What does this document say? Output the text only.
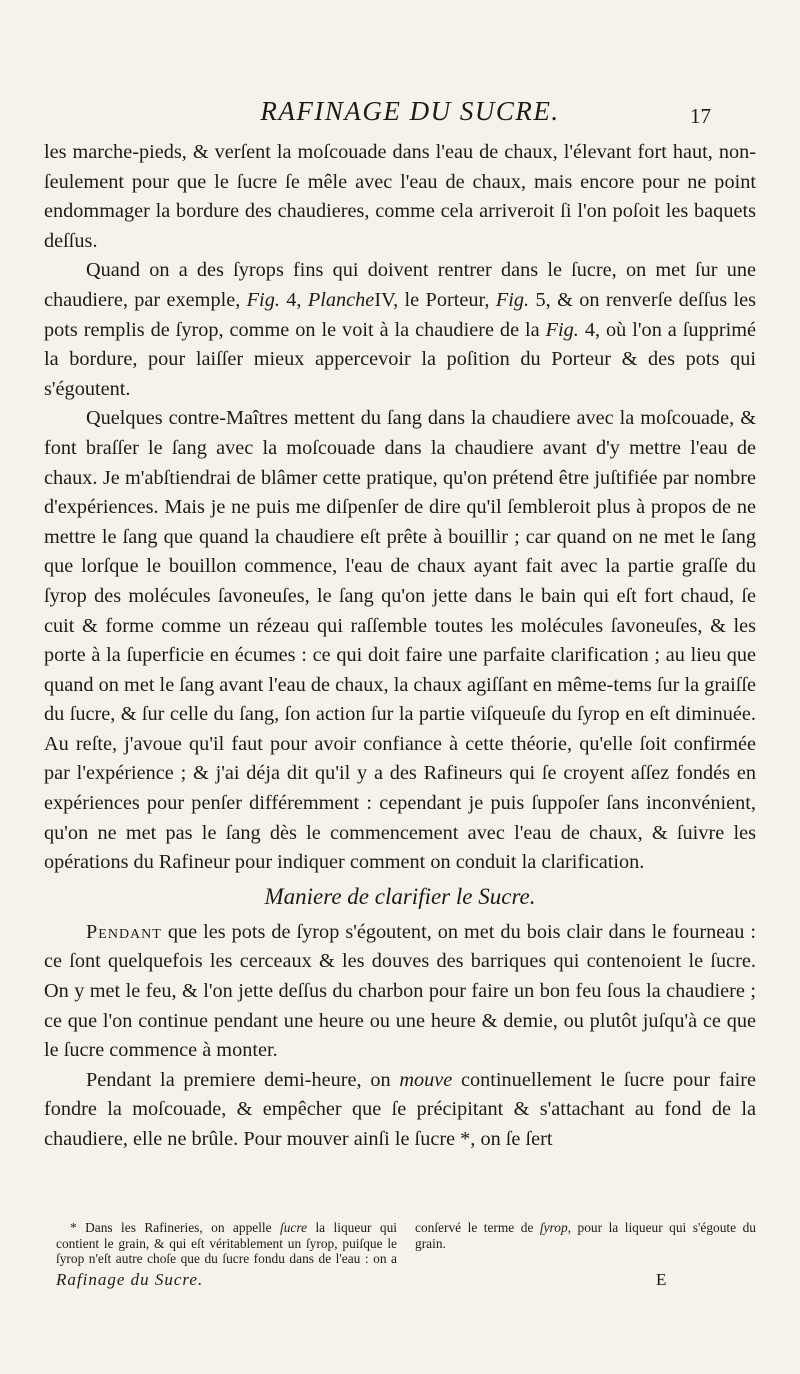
RAFINAGE DU SUCRE.	17

les marche-pieds, & verſent la moſcouade dans l'eau de chaux, l'élevant fort haut, non-ſeulement pour que le ſucre ſe mêle avec l'eau de chaux, mais encore pour ne point endommager la bordure des chaudieres, comme cela arriveroit ſi l'on poſoit les baquets deſſus.

Quand on a des ſyrops fins qui doivent rentrer dans le ſucre, on met ſur une chaudiere, par exemple, Fig. 4, PlancheIV, le Porteur, Fig. 5, & on renverſe deſſus les pots remplis de ſyrop, comme on le voit à la chaudiere de la Fig. 4, où l'on a ſupprimé la bordure, pour laiſſer mieux appercevoir la poſition du Porteur & des pots qui s'égoutent.

Quelques contre-Maîtres mettent du ſang dans la chaudiere avec la moſcouade, & font braſſer le ſang avec la moſcouade dans la chaudiere avant d'y mettre l'eau de chaux. Je m'abſtiendrai de blâmer cette pratique, qu'on prétend être juſtifiée par nombre d'expériences. Mais je ne puis me diſpenſer de dire qu'il ſembleroit plus à propos de ne mettre le ſang que quand la chaudiere eſt prête à bouillir ; car quand on ne met le ſang que lorſque le bouillon commence, l'eau de chaux ayant fait avec la partie graſſe du ſyrop des molécules ſavoneuſes, le ſang qu'on jette dans le bain qui eſt fort chaud, ſe cuit & forme comme un rézeau qui raſſemble toutes les molécules ſavoneuſes, & les porte à la ſuperficie en écumes : ce qui doit faire une parfaite clarification ; au lieu que quand on met le ſang avant l'eau de chaux, la chaux agiſſant en même-tems ſur la graiſſe du ſucre, & ſur celle du ſang, ſon action ſur la partie viſqueuſe du ſyrop en eſt diminuée. Au reſte, j'avoue qu'il faut pour avoir confiance à cette théorie, qu'elle ſoit confirmée par l'expérience ; & j'ai déja dit qu'il y a des Rafineurs qui ſe croyent aſſez fondés en expériences pour penſer différemment : cependant je puis ſuppoſer ſans inconvénient, qu'on ne met pas le ſang dès le commencement avec l'eau de chaux, & ſuivre les opérations du Rafineur pour indiquer comment on conduit la clarification.

Maniere de clarifier le Sucre.

Pendant que les pots de ſyrop s'égoutent, on met du bois clair dans le fourneau : ce ſont quelquefois les cerceaux & les douves des barriques qui contenoient le ſucre. On y met le feu, & l'on jette deſſus du charbon pour faire un bon feu ſous la chaudiere ; ce que l'on continue pendant une heure ou une heure & demie, ou plutôt juſqu'à ce que le ſucre commence à monter.

Pendant la premiere demi-heure, on mouve continuellement le ſucre pour faire fondre la moſcouade, & empêcher que ſe précipitant & s'attachant au fond de la chaudiere, elle ne brûle. Pour mouver ainſi le ſucre *, on ſe ſert

* Dans les Rafineries, on appelle ſucre la liqueur qui contient le grain, & qui eſt véritablement un ſyrop, puiſque le ſyrop n'eſt autre choſe que du ſucre fondu dans de l'eau : on a conſervé le terme de ſyrop, pour la liqueur qui s'égoute du grain.

Rafinage du Sucre.	E
